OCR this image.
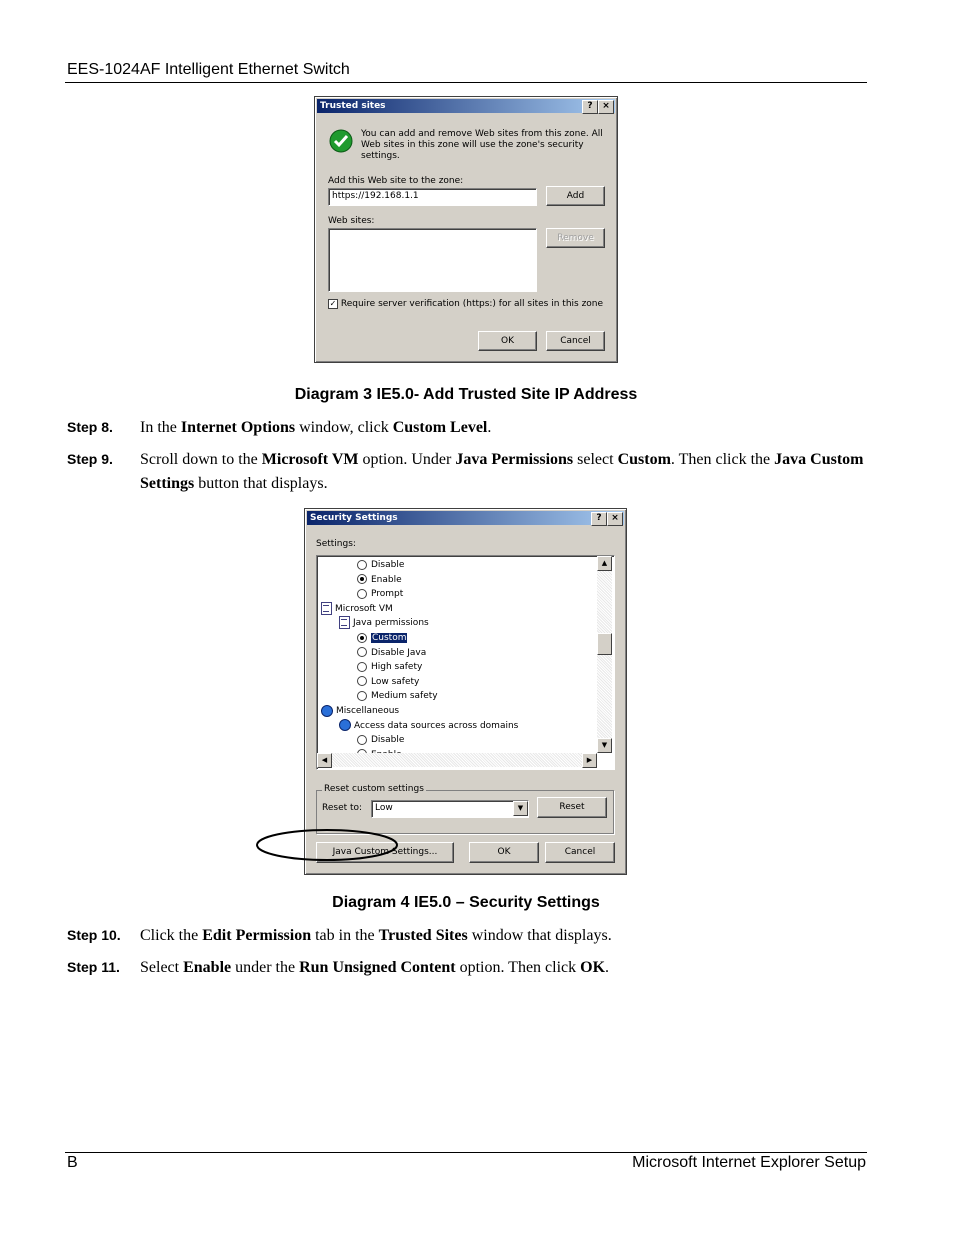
EES-1024AF Intelligent Ethernet Switch
Trusted sites	?	×
You can add and remove Web sites from this zone. All Web sites in this zone will use the zone's security settings.
Add this Web site to the zone:
https://192.168.1.1	Add
Web sites:
Remove
✓ Require server verification (https:) for all sites in this zone
OK	Cancel
Diagram 3 IE5.0- Add Trusted Site IP Address
Step 8. In the Internet Options window, click Custom Level.
Step 9. Scroll down to the Microsoft VM option. Under Java Permissions select Custom. Then click the Java Custom Settings button that displays.
Security Settings	?	×
Settings:
Disable
Enable
Prompt
Microsoft VM
Java permissions
Custom
Disable Java
High safety
Low safety
Medium safety
Miscellaneous
Access data sources across domains
Disable
▲
▼
◀	▶
Reset custom settings
Reset to: Low	▼	Reset
Java Custom Settings...	OK	Cancel
Diagram 4 IE5.0 – Security Settings
Step 10. Click the Edit Permission tab in the Trusted Sites window that displays.
Step 11. Select Enable under the Run Unsigned Content option. Then click OK.
B	Microsoft Internet Explorer Setup
